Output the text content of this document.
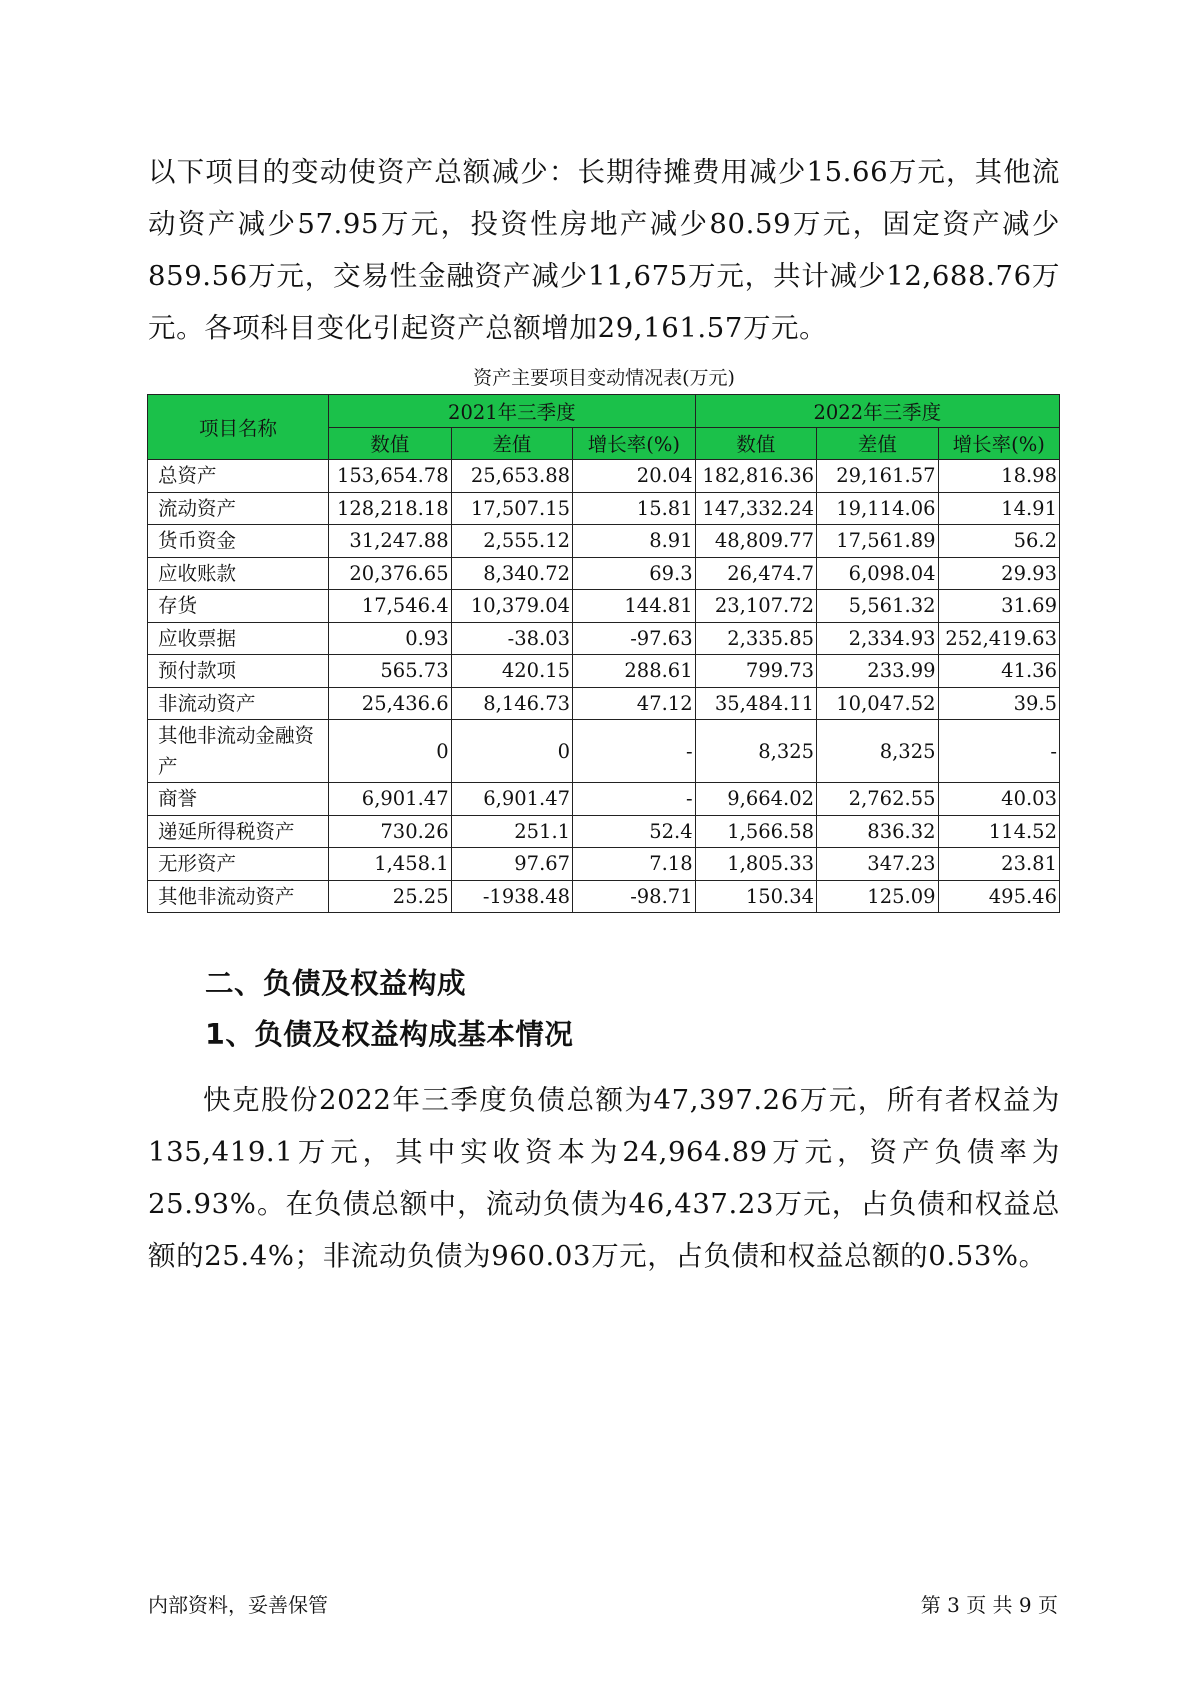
以下项目的变动使资产总额减少：长期待摊费用减少15.66万元，其他流动资产减少57.95万元，投资性房地产减少80.59万元，固定资产减少859.56万元，交易性金融资产减少11,675万元，共计减少12,688.76万元。各项科目变化引起资产总额增加29,161.57万元。

资产主要项目变动情况表(万元)
项目名称	2021年三季度			2022年三季度		
	数值	差值	增长率(%)	数值	差值	增长率(%)
总资产	153,654.78	25,653.88	20.04	182,816.36	29,161.57	18.98
流动资产	128,218.18	17,507.15	15.81	147,332.24	19,114.06	14.91
货币资金	31,247.88	2,555.12	8.91	48,809.77	17,561.89	56.2
应收账款	20,376.65	8,340.72	69.3	26,474.7	6,098.04	29.93
存货	17,546.4	10,379.04	144.81	23,107.72	5,561.32	31.69
应收票据	0.93	-38.03	-97.63	2,335.85	2,334.93	252,419.63
预付款项	565.73	420.15	288.61	799.73	233.99	41.36
非流动资产	25,436.6	8,146.73	47.12	35,484.11	10,047.52	39.5
其他非流动金融资产	0	0	-	8,325	8,325	-
商誉	6,901.47	6,901.47	-	9,664.02	2,762.55	40.03
递延所得税资产	730.26	251.1	52.4	1,566.58	836.32	114.52
无形资产	1,458.1	97.67	7.18	1,805.33	347.23	23.81
其他非流动资产	25.25	-1938.48	-98.71	150.34	125.09	495.46
二、负债及权益构成
1、负债及权益构成基本情况

快克股份2022年三季度负债总额为47,397.26万元，所有者权益为135,419.1万元，其中实收资本为24,964.89万元，资产负债率为25.93%。在负债总额中，流动负债为46,437.23万元，占负债和权益总额的25.4%；非流动负债为960.03万元，占负债和权益总额的0.53%。

内部资料，妥善保管	第 3 页 共 9 页
